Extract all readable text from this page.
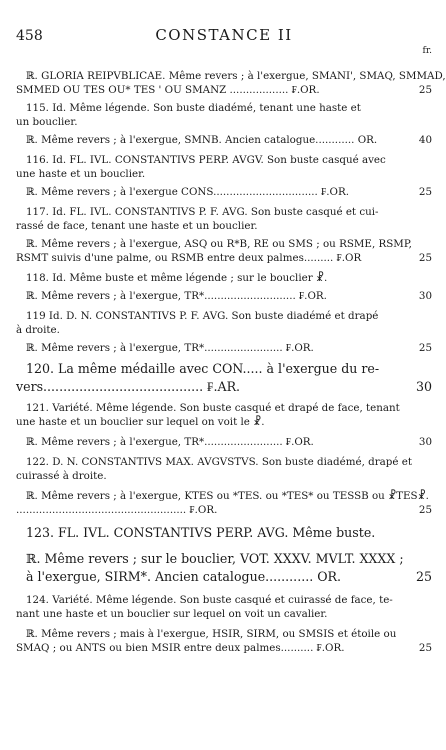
458	CONSTANCE II
fr.
ℝ. GLORIA REIPVBLICAE. Même revers ; à l'exergue, SMANI', SMAQ, SMMAD,
SMMED OU TES OU* TES ' OU SMANZ .................. ₣.OR.	25
115. Id. Même légende. Son buste diadémé, tenant une haste et
un bouclier.
ℝ. Même revers ; à l'exergue, SMNB. Ancien catalogue............ OR.	40
116. Id. FL. IVL. CONSTANTIVS PERP. AVGV. Son buste casqué avec
une haste et un bouclier.
ℝ. Même revers ; à l'exergue CONS................................ ₣.OR.	25
117. Id. FL. IVL. CONSTANTIVS P. F. AVG. Son buste casqué et cui-
rassé de face, tenant une haste et un bouclier.
ℝ. Même revers ; à l'exergue, ASQ ou R*B, RE ou SMS ; ou RSME, RSMP,
RSMT suivis d'une palme, ou RSMB entre deux palmes......... ₣.OR	25
118. Id. Même buste et même légende ; sur le bouclier ☧.
ℝ. Même revers ; à l'exergue, TR*............................ ₣.OR.	30
119 Id. D. N. CONSTANTIVS P. F. AVG. Son buste diadémé et drapé
à droite.
ℝ. Même revers ; à l'exergue, TR*........................ ₣.OR.	25
120. La même médaille avec CON..... à l'exergue du re-
vers........................................ ₣.AR.	30
121. Variété. Même légende. Son buste casqué et drapé de face, tenant
une haste et un bouclier sur lequel on voit le ☧.
ℝ. Même revers ; à l'exergue, TR*........................ ₣.OR.	30
122. D. N. CONSTANTIVS MAX. AVGVSTVS. Son buste diadémé, drapé et
cuirassé à droite.
ℝ. Même revers ; à l'exergue, KTES ou *TES. ou *TES* ou TESSB ou ☧TES☧.
.................................................... ₣.OR.	25
123. FL. IVL. CONSTANTIVS PERP. AVG. Même buste.
ℝ. Même revers ; sur le bouclier, VOT. XXXV. MVLT. XXXX ;
à l'exergue, SIRM*. Ancien catalogue............ OR.	25
124. Variété. Même légende. Son buste casqué et cuirassé de face, te-
nant une haste et un bouclier sur lequel on voit un cavalier.
ℝ. Même revers ; mais à l'exergue, HSIR, SIRM, ou SMSIS et étoile ou
SMAQ ; ou ANTS ou bien MSIR entre deux palmes.......... ₣.OR.	25
